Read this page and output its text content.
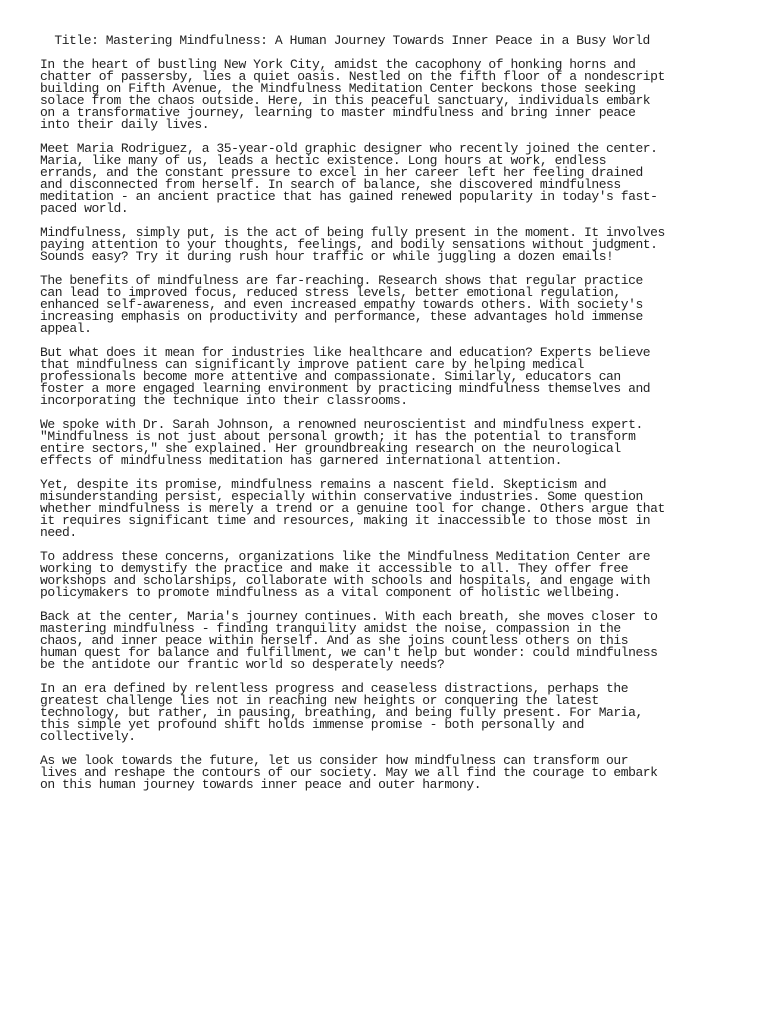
Title: Mastering Mindfulness: A Human Journey Towards Inner Peace in a Busy World

In the heart of bustling New York City, amidst the cacophony of honking horns and
chatter of passersby, lies a quiet oasis. Nestled on the fifth floor of a nondescript
building on Fifth Avenue, the Mindfulness Meditation Center beckons those seeking
solace from the chaos outside. Here, in this peaceful sanctuary, individuals embark
on a transformative journey, learning to master mindfulness and bring inner peace
into their daily lives.

Meet Maria Rodriguez, a 35-year-old graphic designer who recently joined the center.
Maria, like many of us, leads a hectic existence. Long hours at work, endless
errands, and the constant pressure to excel in her career left her feeling drained
and disconnected from herself. In search of balance, she discovered mindfulness
meditation - an ancient practice that has gained renewed popularity in today's fast-
paced world.

Mindfulness, simply put, is the act of being fully present in the moment. It involves
paying attention to your thoughts, feelings, and bodily sensations without judgment.
Sounds easy? Try it during rush hour traffic or while juggling a dozen emails!

The benefits of mindfulness are far-reaching. Research shows that regular practice
can lead to improved focus, reduced stress levels, better emotional regulation,
enhanced self-awareness, and even increased empathy towards others. With society's
increasing emphasis on productivity and performance, these advantages hold immense
appeal.

But what does it mean for industries like healthcare and education? Experts believe
that mindfulness can significantly improve patient care by helping medical
professionals become more attentive and compassionate. Similarly, educators can
foster a more engaged learning environment by practicing mindfulness themselves and
incorporating the technique into their classrooms.

We spoke with Dr. Sarah Johnson, a renowned neuroscientist and mindfulness expert.
"Mindfulness is not just about personal growth; it has the potential to transform
entire sectors," she explained. Her groundbreaking research on the neurological
effects of mindfulness meditation has garnered international attention.

Yet, despite its promise, mindfulness remains a nascent field. Skepticism and
misunderstanding persist, especially within conservative industries. Some question
whether mindfulness is merely a trend or a genuine tool for change. Others argue that
it requires significant time and resources, making it inaccessible to those most in
need.

To address these concerns, organizations like the Mindfulness Meditation Center are
working to demystify the practice and make it accessible to all. They offer free
workshops and scholarships, collaborate with schools and hospitals, and engage with
policymakers to promote mindfulness as a vital component of holistic wellbeing.

Back at the center, Maria's journey continues. With each breath, she moves closer to
mastering mindfulness - finding tranquility amidst the noise, compassion in the
chaos, and inner peace within herself. And as she joins countless others on this
human quest for balance and fulfillment, we can't help but wonder: could mindfulness
be the antidote our frantic world so desperately needs?

In an era defined by relentless progress and ceaseless distractions, perhaps the
greatest challenge lies not in reaching new heights or conquering the latest
technology, but rather, in pausing, breathing, and being fully present. For Maria,
this simple yet profound shift holds immense promise - both personally and
collectively.

As we look towards the future, let us consider how mindfulness can transform our
lives and reshape the contours of our society. May we all find the courage to embark
on this human journey towards inner peace and outer harmony.
